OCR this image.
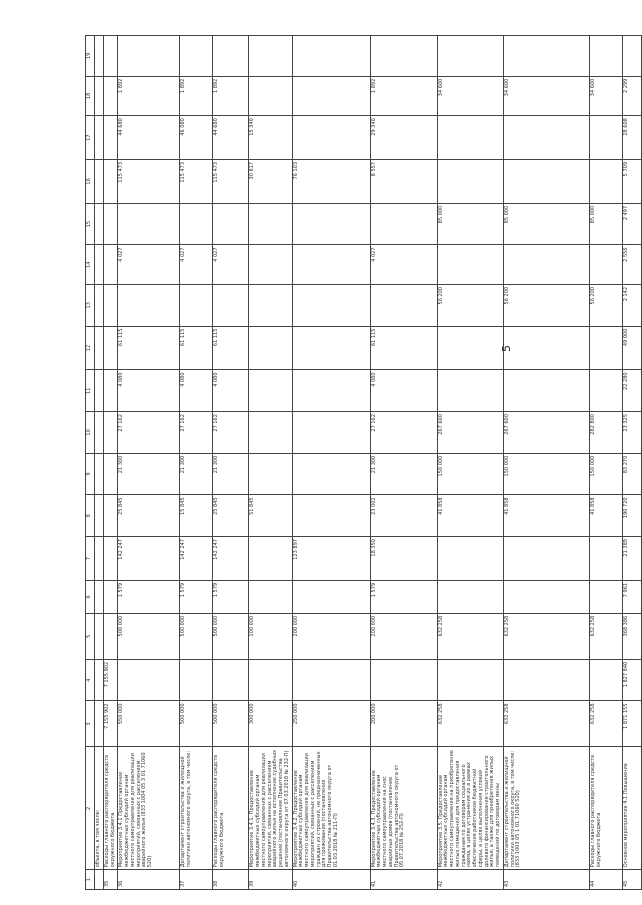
5
1	2	3	4	5	6	7	8	9	10	11	12	13	14	15	16	17	18	19
	объекта, в том числе:																	
35	Расходы главного распорядителя средств окружного бюджета	7 155 902	7 155 902															
36	Мероприятие 3.4.1 Предоставление межбюджетных субсидий органам местного самоуправления для реализации мероприятий, связанных с расселением аварийного жилья (833 1004 05 3 01 71060 520)	550 000		500 000	1 579	142 247	25 845	21 300	27 162	4 080	61 115		4 027		115 473	44 680	1 892	
37	Департамент строительства и жилищной политики автономного округа, в том числе:	500 000		500 000	1 579	142 247	15 845	21 300	27 162	4 080	61 115		4 027		115 473	46 080	1 892	
38	Расходы главного распорядителя средств окружного бюджета	500 000		500 000	1 579	142 247	25 845	21 300	27 162	4 080	61 115		4 027		115 473	44 680	1 892	
39	Мероприятие 3.4.1. Предоставление межбюджетных субсидий органам местного самоуправления для реализации мероприятий, связанных с расселением аварийного жилья на исполнение судебных решений (постановление Правительства автономного округа от 07.03.2018 № 232-П)	300 000		100 000			51 845								30 817	15 340		
40	Мероприятие 3.4.2. Предоставление межбюджетных субсидий органам местного самоуправления для реализации мероприятий, связанных с расселением граждан из строений, не предназначенных для проживания (постановление Правительства автономного округа от 01.03.2018 № 211-П)	250 000		200 000		123 897									76 103			
41	Мероприятие 3.4.3. Предоставление межбюджетных субсидий органам местного самоуправления на снос аварийных домов (постановление Правительства автономного округа от 05.07.2018 № 252-П)	200 000		200 000	1 579	18 350	23 002	21 300	27 162	4 080	61 115		4 027		8 557	29 340	1 892	
42	Мероприятие 3.5. Предоставление межбюджетных субсидий органам местного самоуправления на приобретение жилых помещений для предоставления гражданам по договорам социального найма, в целях устранения их в рамках обеспечения работников бюджетной сферы, в целях выполнения условий долевого финансирования строительного жилья, а также для приобретения жилых помещений по договорам мены	632 258		632 258			41 858	150 000	267 600			56 200		85 000			34 600	
43	Департамент строительства и жилищной политики автономного округа, в том числе: (833 1003 05 1 01 71060 520)	632 258		632 258			41 858	150 000	267 600			56 200		85 000			34 600	
44	Расходы главного распорядителя средств окружного бюджета	632 258		632 258			41 858	150 000	282 800			56 200		85 000			34 600	
45	Основное мероприятие 4.1 Повышение	1 871 155	1 827 840	368 386	7 961	21 389	190 720	83 270	23 325	22 280	49 000	2 142	2 556	2 497	5 709	28 608	2 299	
